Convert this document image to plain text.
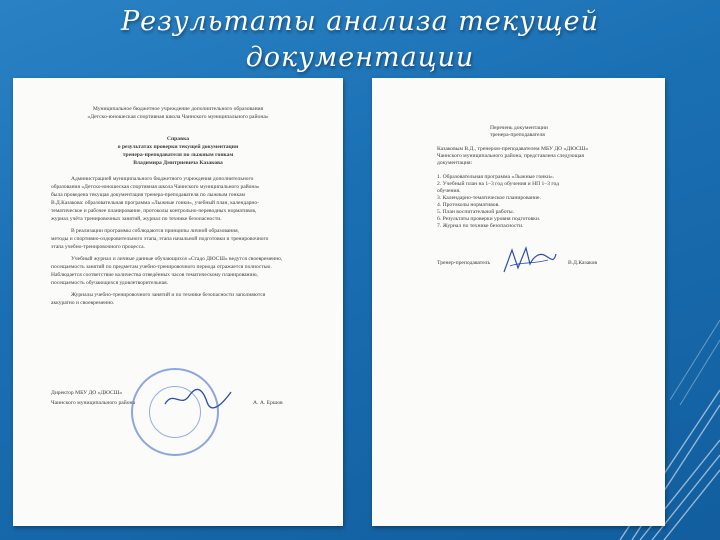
Результаты анализа текущей
документации
Муниципальное бюджетное учреждение дополнительного образования
«Детско-юношеская спортивная школа Чаинского муниципального района»
Справка
о результатах проверки текущей документации
тренера-преподавателя по лыжным гонкам
Владимира Дмитриевича Казакова
Администрацией муниципального бюджетного учреждения дополнительного
образования «Детско-юношеская спортивная школа Чаинского муниципального района»
была проведена текущая документация тренера-преподавателя по лыжным гонкам
В.Д.Казакова: образовательная программа «Лыжные гонки», учебный план, календарно-
тематическое и рабочее планирование, протоколы контрольно-переводных нормативов,
журнал учёта тренировочных занятий, журнал по технике безопасности.
В реализации программы соблюдаются принципы личной образования,
методы и спортивно-оздоровительного этапа, этапа начальной подготовки и тренировочного
этапа учебно-тренировочного процесса.
Учебный журнал и личные данные обучающихся «Стадо ДЮСШ» ведутся своевременно,
посещаемость занятий по предметам учебно-тренировочного периода отражается полностью.
Наблюдается соответствие количества отведённых часов тематическому планированию,
посещаемость обучающихся удовлетворительная.
Журналы учебно-тренировочного занятий и по технике безопасности заполняются
аккуратно и своевременно.
Директор МБУ ДО «ДЮСШ»
Чаинского муниципального района	А. А. Ершов
Перечень документации
тренера-преподавателя
Казаковым В.Д., тренером-преподавателем МБУ ДО «ДЮСШ»
Чаинского муниципального района, представлена следующая
документация:
1. Образовательная программа «Лыжные гонки».
2. Учебный план на 1–3 год обучения и НП 1–3 год
обучения.
3. Календарно-тематическое планирование.
4. Протоколы нормативов.
5. План воспитательной работы.
6. Результаты проверки уровня подготовки.
7. Журнал по технике безопасности.
Тренер-преподаватель	В.Д.Казаков
